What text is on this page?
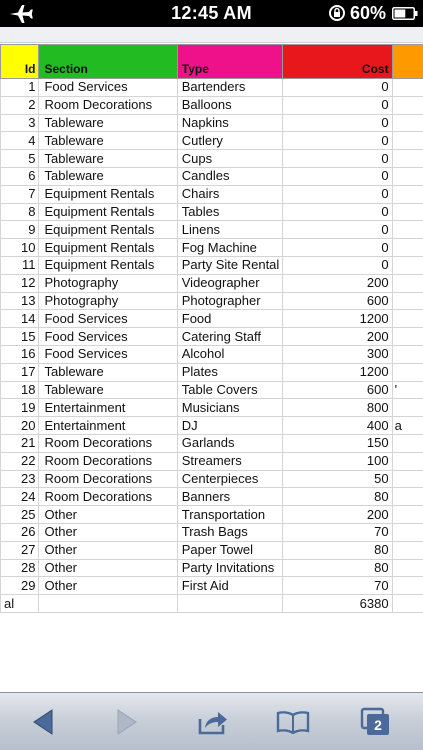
12:45 AM	60%
Id	Section	Type	Cost	
1	Food Services	Bartenders	0	
2	Room Decorations	Balloons	0	
3	Tableware	Napkins	0	
4	Tableware	Cutlery	0	
5	Tableware	Cups	0	
6	Tableware	Candles	0	
7	Equipment Rentals	Chairs	0	
8	Equipment Rentals	Tables	0	
9	Equipment Rentals	Linens	0	
10	Equipment Rentals	Fog Machine	0	
11	Equipment Rentals	Party Site Rental	0	
12	Photography	Videographer	200	
13	Photography	Photographer	600	
14	Food Services	Food	1200	
15	Food Services	Catering Staff	200	
16	Food Services	Alcohol	300	
17	Tableware	Plates	1200	
18	Tableware	Table Covers	600	'
19	Entertainment	Musicians	800	
20	Entertainment	DJ	400	a
21	Room Decorations	Garlands	150	
22	Room Decorations	Streamers	100	
23	Room Decorations	Centerpieces	50	
24	Room Decorations	Banners	80	
25	Other	Transportation	200	
26	Other	Trash Bags	70	
27	Other	Paper Towel	80	
28	Other	Party Invitations	80	
29	Other	First Aid	70	
al			6380	
2
